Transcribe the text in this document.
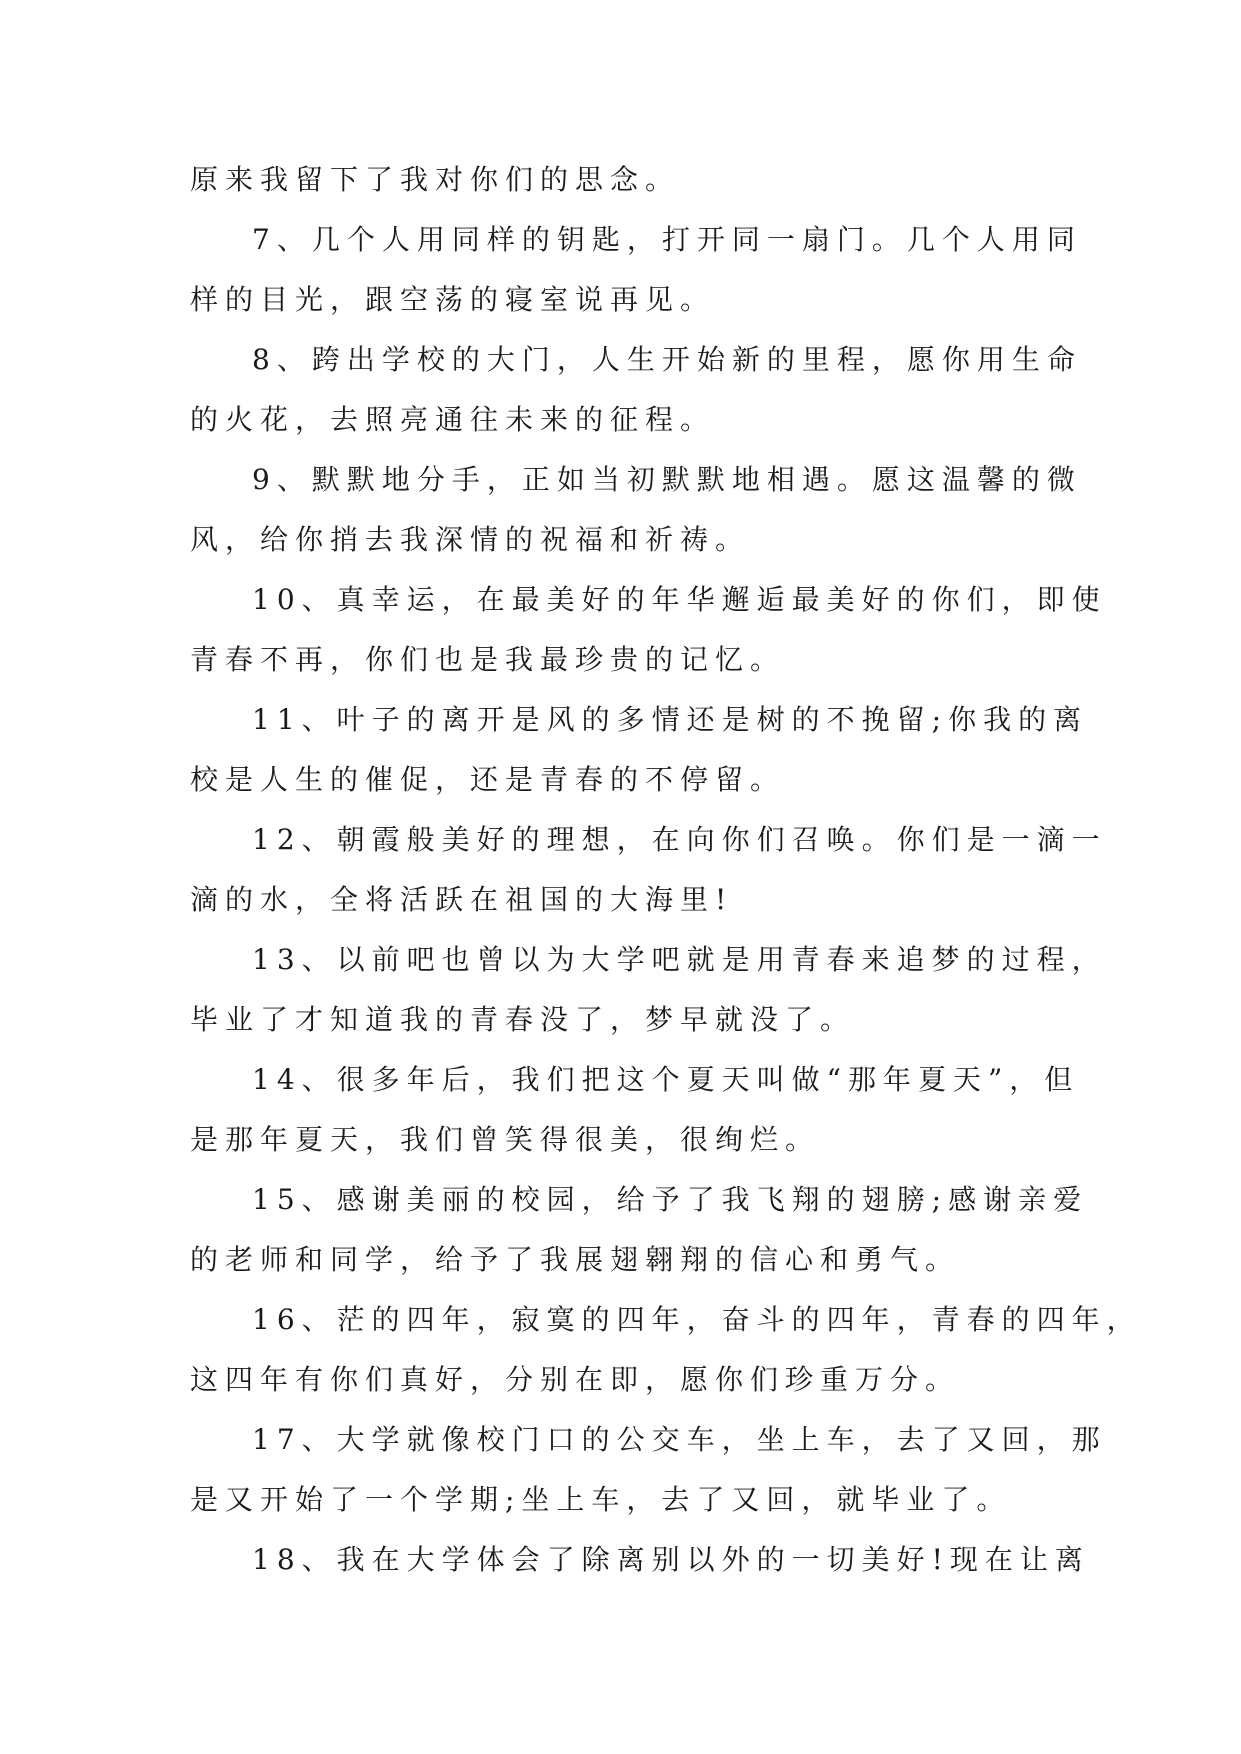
原来我留下了我对你们的思念。
7、几个人用同样的钥匙，打开同一扇门。几个人用同
样的目光，跟空荡的寝室说再见。
8、跨出学校的大门，人生开始新的里程，愿你用生命
的火花，去照亮通往未来的征程。
9、默默地分手，正如当初默默地相遇。愿这温馨的微
风，给你捎去我深情的祝福和祈祷。
10、真幸运，在最美好的年华邂逅最美好的你们，即使
青春不再，你们也是我最珍贵的记忆。
11、叶子的离开是风的多情还是树的不挽留;你我的离
校是人生的催促，还是青春的不停留。
12、朝霞般美好的理想，在向你们召唤。你们是一滴一
滴的水，全将活跃在祖国的大海里!
13、以前吧也曾以为大学吧就是用青春来追梦的过程，
毕业了才知道我的青春没了，梦早就没了。
14、很多年后，我们把这个夏天叫做“那年夏天”，但
是那年夏天，我们曾笑得很美，很绚烂。
15、感谢美丽的校园，给予了我飞翔的翅膀;感谢亲爱
的老师和同学，给予了我展翅翱翔的信心和勇气。
16、茫的四年，寂寞的四年，奋斗的四年，青春的四年，
这四年有你们真好，分别在即，愿你们珍重万分。
17、大学就像校门口的公交车，坐上车，去了又回，那
是又开始了一个学期;坐上车，去了又回，就毕业了。
18、我在大学体会了除离别以外的一切美好!现在让离
